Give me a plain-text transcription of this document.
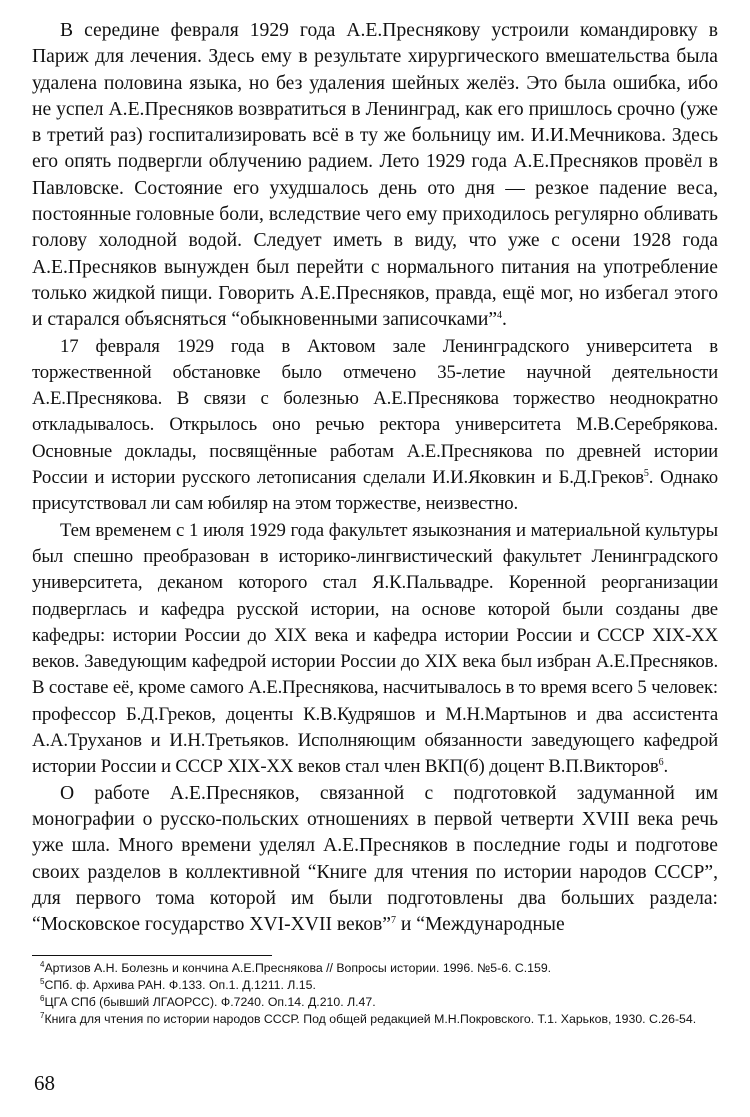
В середине февраля 1929 года А.Е.Преснякову устроили командировку в Париж для лечения. Здесь ему в результате хирургического вмешательства была удалена половина языка, но без удаления шейных желёз. Это была ошибка, ибо не успел А.Е.Пресняков возвратиться в Ленинград, как его пришлось срочно (уже в третий раз) госпитализировать всё в ту же больницу им. И.И.Мечникова. Здесь его опять подвергли облучению радием. Лето 1929 года А.Е.Пресняков провёл в Павловске. Состояние его ухудшалось день ото дня — резкое падение веса, постоянные головные боли, вследствие чего ему приходилось регулярно обливать голову холодной водой. Следует иметь в виду, что уже с осени 1928 года А.Е.Пресняков вынужден был перейти с нормального питания на употребление только жидкой пищи. Говорить А.Е.Пресняков, правда, ещё мог, но избегал этого и старался объясняться “обыкновенными записочками”$^4$.

17 февраля 1929 года в Актовом зале Ленинградского университета в торжественной обстановке было отмечено 35-летие научной деятельности А.Е.Преснякова. В связи с болезнью А.Е.Преснякова торжество неоднократно откладывалось. Открылось оно речью ректора университета М.В.Серебрякова. Основные доклады, посвящённые работам А.Е.Преснякова по древней истории России и истории русского летописания сделали И.И.Яковкин и Б.Д.Греков$^5$. Однако присутствовал ли сам юбиляр на этом торжестве, неизвестно.

Тем временем с 1 июля 1929 года факультет языкознания и материальной культуры был спешно преобразован в историко-лингвистический факультет Ленинградского университета, деканом которого стал Я.К.Пальвадре. Коренной реорганизации подверглась и кафедра русской истории, на основе которой были созданы две кафедры: истории России до XIX века и кафедра истории России и СССР XIX-XX веков. Заведующим кафедрой истории России до XIX века был избран А.Е.Пресняков. В составе её, кроме самого А.Е.Преснякова, насчитывалось в то время всего 5 человек: профессор Б.Д.Греков, доценты К.В.Кудряшов и М.Н.Мартынов и два ассистента А.А.Труханов и И.Н.Третьяков. Исполняющим обязанности заведующего кафедрой истории России и СССР XIX-XX веков стал член ВКП(б) доцент В.П.Викторов$^6$.

О работе А.Е.Пресняков, связанной с подготовкой задуманной им монографии о русско-польских отношениях в первой четверти XVIII века речь уже шла. Много времени уделял А.Е.Пресняков в последние годы и подготове своих разделов в коллективной “Книге для чтения по истории народов СССР”, для первого тома которой им были подготовлены два больших раздела: “Московское государство XVI-XVII веков”$^7$ и “Международные

$^4$Артизов А.Н. Болезнь и кончина А.Е.Преснякова // Вопросы истории. 1996. №5-6. С.159.

$^5$СПб. ф. Архива РАН. Ф.133. Оп.1. Д.1211. Л.15.

$^6$ЦГА СПб (бывший ЛГАОРСС). Ф.7240. Оп.14. Д.210. Л.47.

$^7$Книга для чтения по истории народов СССР. Под общей редакцией М.Н.Покровского. Т.1. Харьков, 1930. С.26-54.

68
